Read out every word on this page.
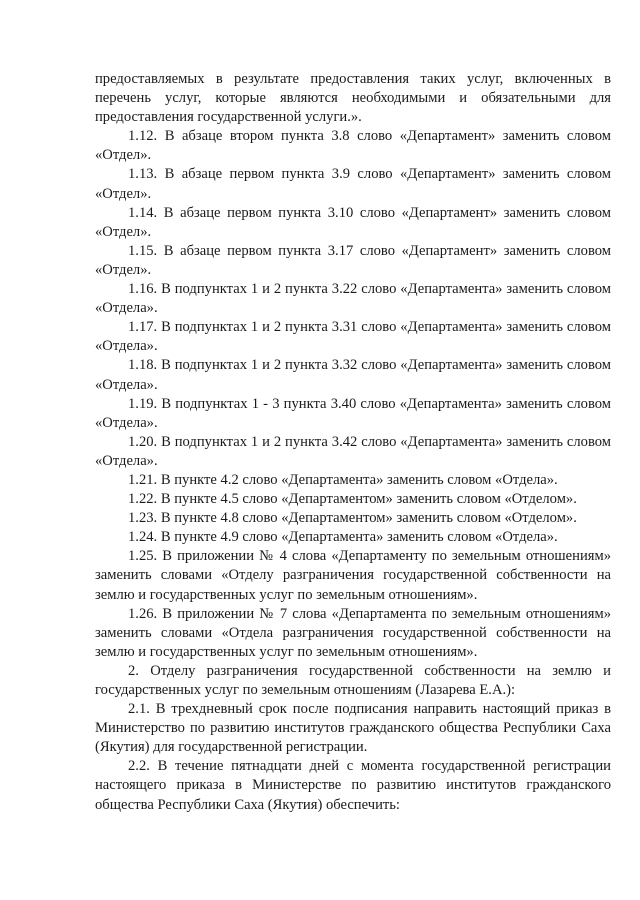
предоставляемых в результате предоставления таких услуг, включенных в перечень услуг, которые являются необходимыми и обязательными для предоставления государственной услуги.».

1.12. В абзаце втором пункта 3.8 слово «Департамент» заменить словом «Отдел».

1.13. В абзаце первом пункта 3.9 слово «Департамент» заменить словом «Отдел».

1.14. В абзаце первом пункта 3.10 слово «Департамент» заменить словом «Отдел».

1.15. В абзаце первом пункта 3.17 слово «Департамент» заменить словом «Отдел».

1.16. В подпунктах 1 и 2 пункта 3.22 слово «Департамента» заменить словом «Отдела».

1.17. В подпунктах 1 и 2 пункта 3.31 слово «Департамента» заменить словом «Отдела».

1.18. В подпунктах 1 и 2 пункта 3.32 слово «Департамента» заменить словом «Отдела».

1.19. В подпунктах 1 - 3 пункта 3.40 слово «Департамента» заменить словом «Отдела».

1.20. В подпунктах 1 и 2 пункта 3.42 слово «Департамента» заменить словом «Отдела».

1.21. В пункте 4.2 слово «Департамента» заменить словом «Отдела».

1.22. В пункте 4.5 слово «Департаментом» заменить словом «Отделом».

1.23. В пункте 4.8 слово «Департаментом» заменить словом «Отделом».

1.24. В пункте 4.9 слово «Департамента» заменить словом «Отдела».

1.25. В приложении № 4 слова «Департаменту по земельным отношениям» заменить словами «Отделу разграничения государственной собственности на землю и государственных услуг по земельным отношениям».

1.26. В приложении № 7 слова «Департамента по земельным отношениям» заменить словами «Отдела разграничения государственной собственности на землю и государственных услуг по земельным отношениям».

2. Отделу разграничения государственной собственности на землю и государственных услуг по земельным отношениям (Лазарева Е.А.):

2.1. В трехдневный срок после подписания направить настоящий приказ в Министерство по развитию институтов гражданского общества Республики Саха (Якутия) для государственной регистрации.

2.2. В течение пятнадцати дней с момента государственной регистрации настоящего приказа в Министерстве по развитию институтов гражданского общества Республики Саха (Якутия) обеспечить:
